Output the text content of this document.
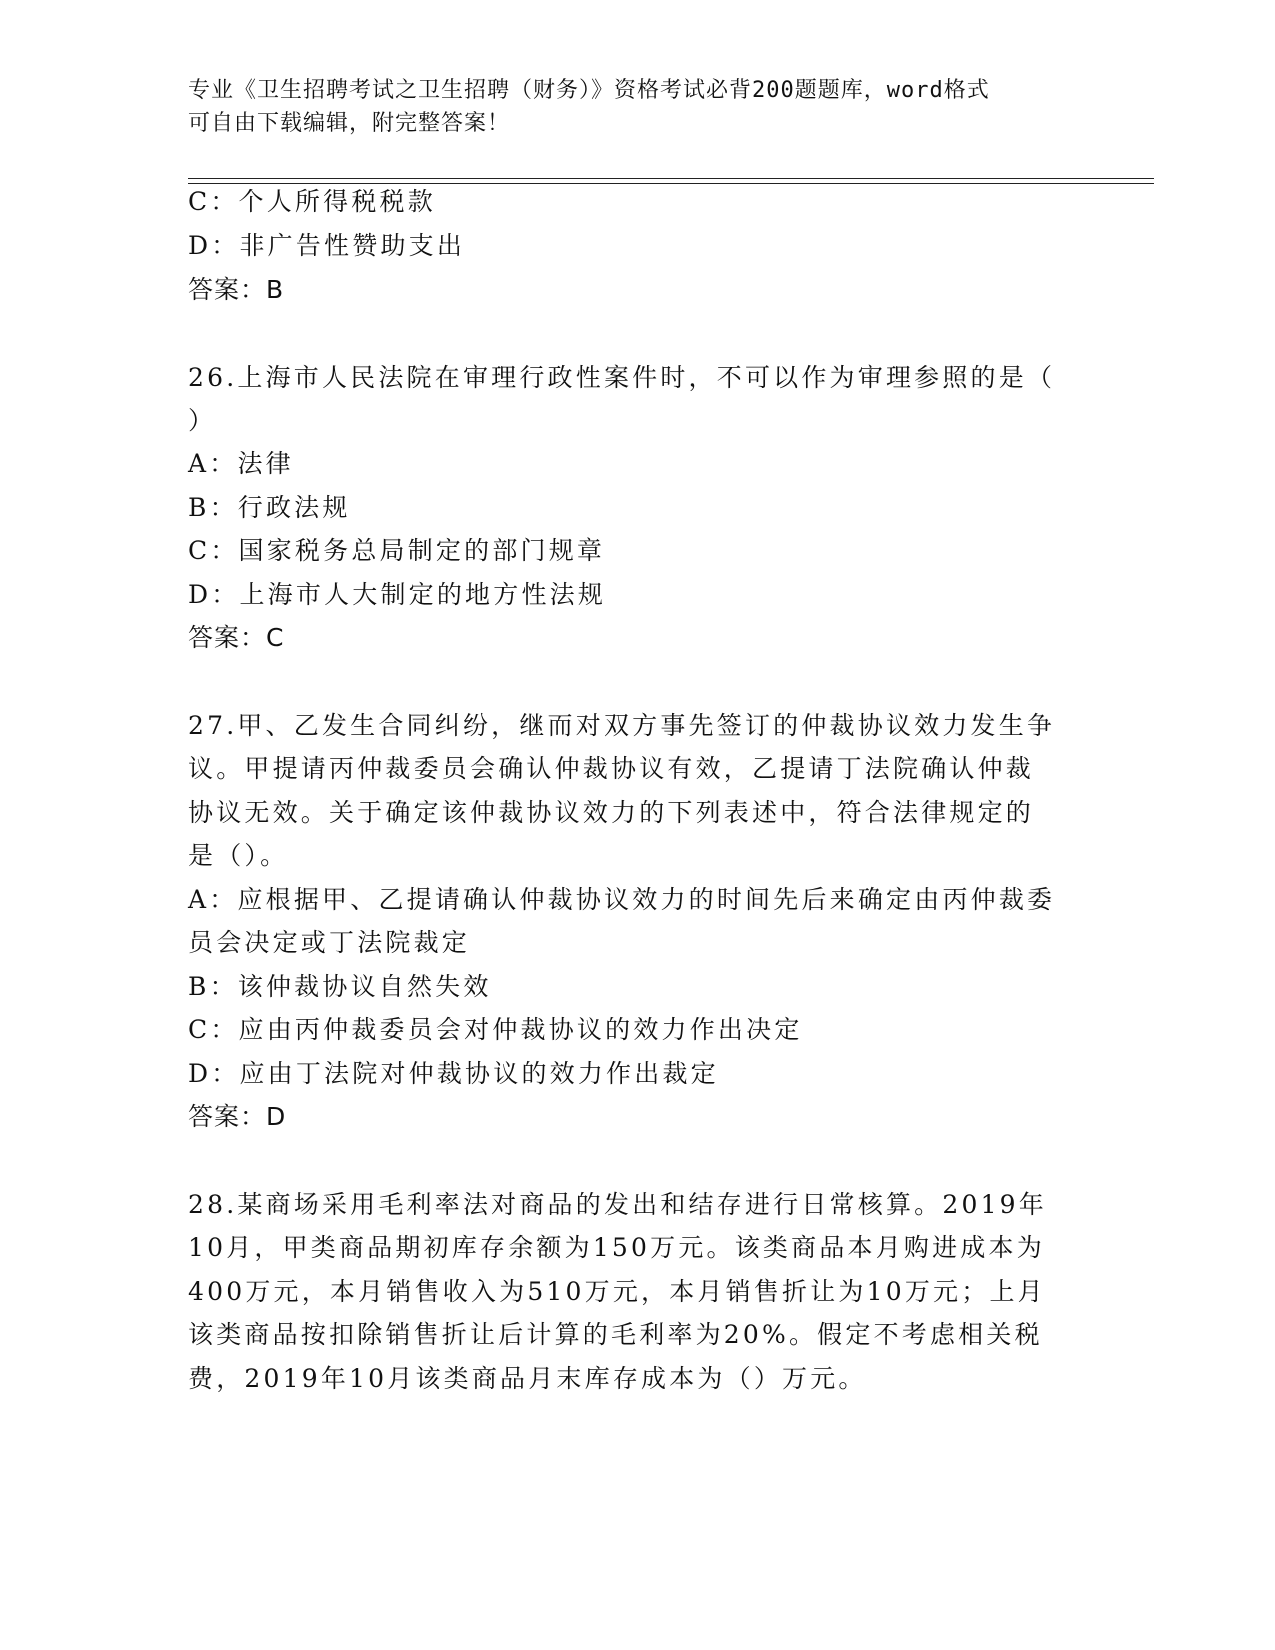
专业《卫生招聘考试之卫生招聘（财务）》资格考试必背200题题库，word格式
可自由下载编辑，附完整答案！
C：个人所得税税款
D：非广告性赞助支出
答案：B
26.上海市人民法院在审理行政性案件时，不可以作为审理参照的是（
）
A：法律
B：行政法规
C：国家税务总局制定的部门规章
D：上海市人大制定的地方性法规
答案：C
27.甲、乙发生合同纠纷，继而对双方事先签订的仲裁协议效力发生争
议。甲提请丙仲裁委员会确认仲裁协议有效，乙提请丁法院确认仲裁
协议无效。关于确定该仲裁协议效力的下列表述中，符合法律规定的
是（）。
A：应根据甲、乙提请确认仲裁协议效力的时间先后来确定由丙仲裁委
员会决定或丁法院裁定
B：该仲裁协议自然失效
C：应由丙仲裁委员会对仲裁协议的效力作出决定
D：应由丁法院对仲裁协议的效力作出裁定
答案：D
28.某商场采用毛利率法对商品的发出和结存进行日常核算。2019年
10月，甲类商品期初库存余额为150万元。该类商品本月购进成本为
400万元，本月销售收入为510万元，本月销售折让为10万元；上月
该类商品按扣除销售折让后计算的毛利率为20%。假定不考虑相关税
费，2019年10月该类商品月末库存成本为（）万元。
